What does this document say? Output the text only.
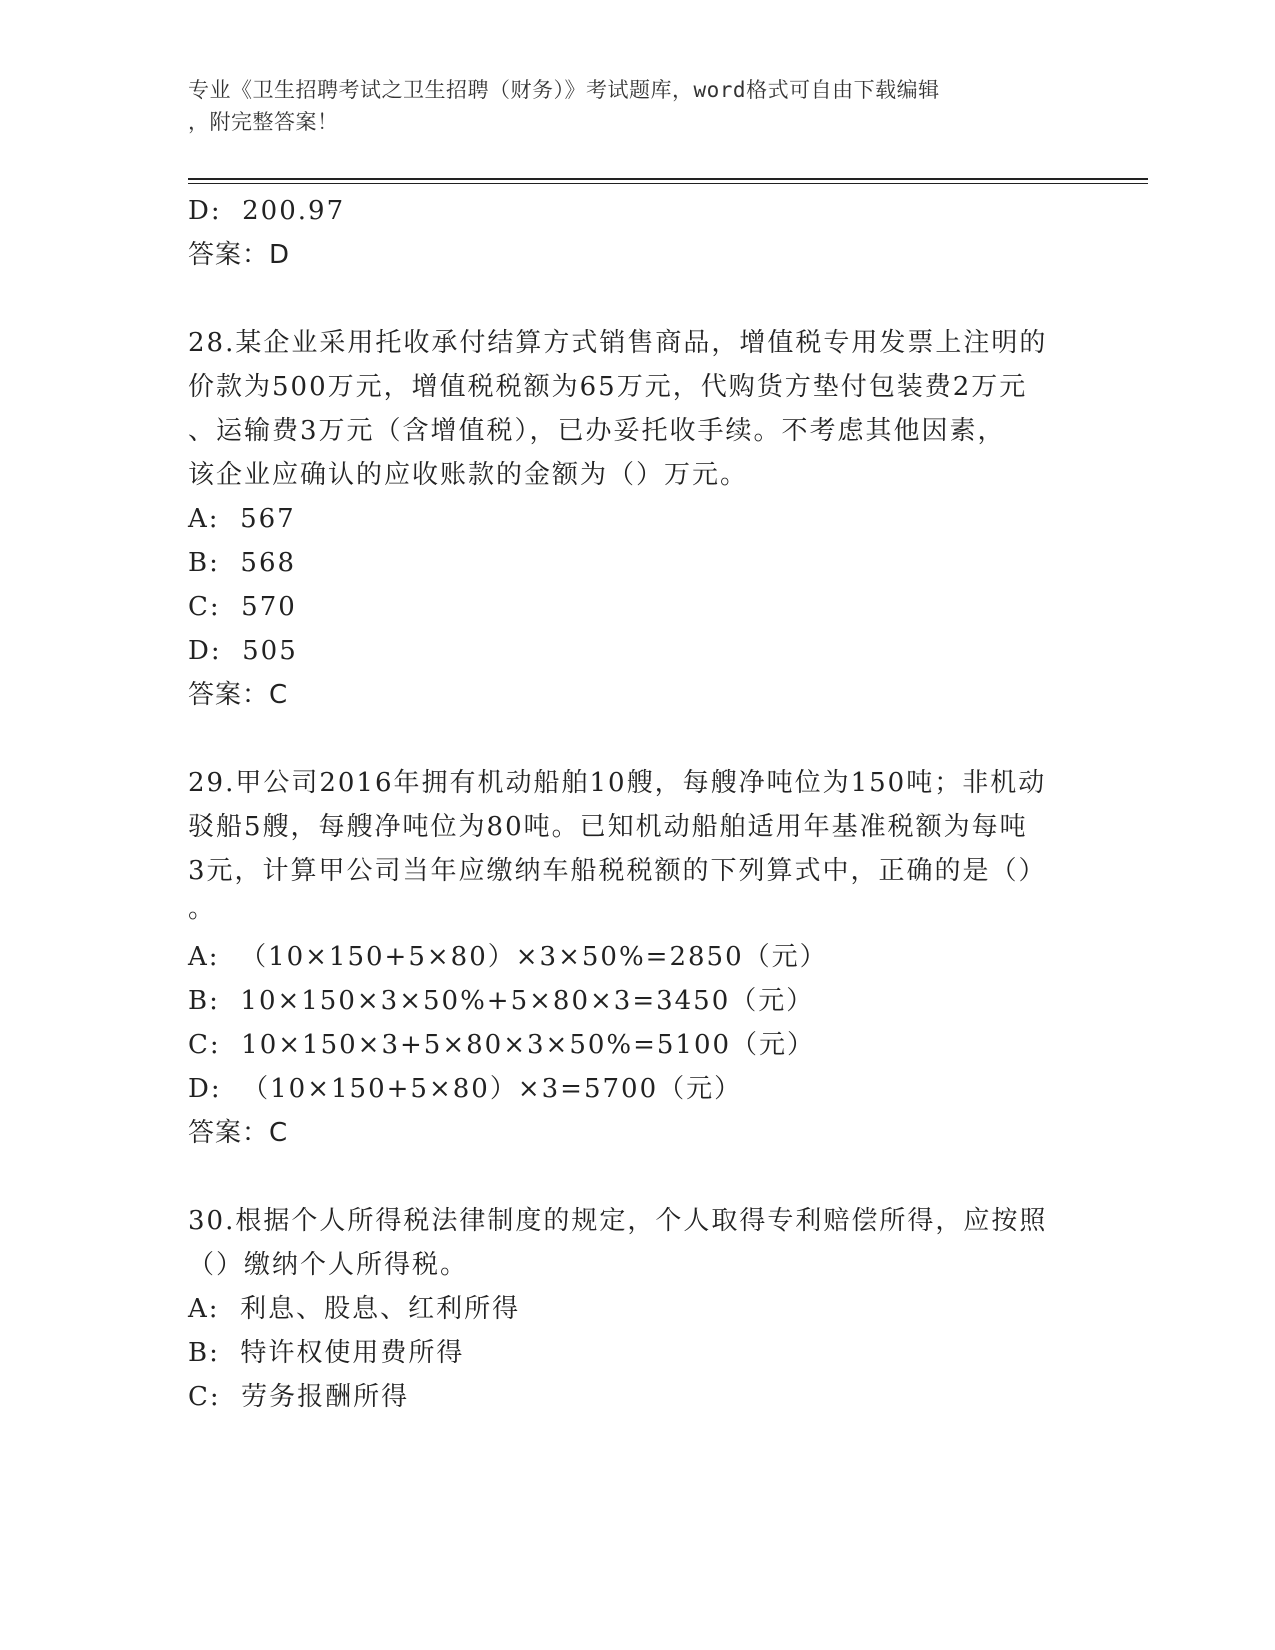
专业《卫生招聘考试之卫生招聘（财务）》考试题库，word格式可自由下载编辑
，附完整答案！
D:  200.97
答案：D
28.某企业采用托收承付结算方式销售商品，增值税专用发票上注明的
价款为500万元，增值税税额为65万元，代购货方垫付包装费2万元
、运输费3万元（含增值税），已办妥托收手续。不考虑其他因素，
该企业应确认的应收账款的金额为（）万元。
A:  567
B:  568
C:  570
D:  505
答案：C
29.甲公司2016年拥有机动船舶10艘，每艘净吨位为150吨；非机动
驳船5艘，每艘净吨位为80吨。已知机动船舶适用年基准税额为每吨
3元，计算甲公司当年应缴纳车船税税额的下列算式中，正确的是（）
。
A:  （10×150+5×80）×3×50%=2850（元）
B:  10×150×3×50%+5×80×3=3450（元）
C:  10×150×3+5×80×3×50%=5100（元）
D:  （10×150+5×80）×3=5700（元）
答案：C
30.根据个人所得税法律制度的规定，个人取得专利赔偿所得，应按照
（）缴纳个人所得税。
A:  利息、股息、红利所得
B:  特许权使用费所得
C:  劳务报酬所得
